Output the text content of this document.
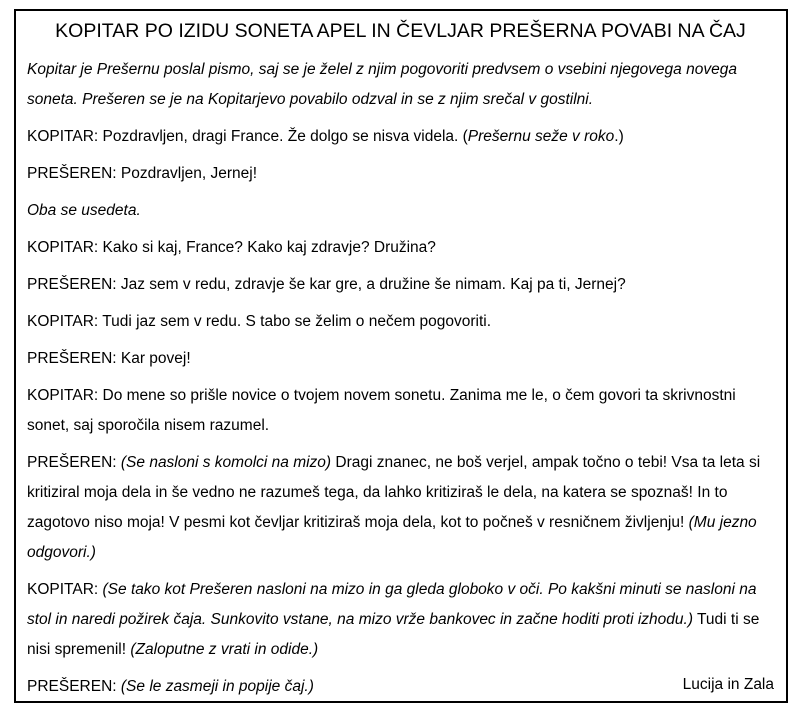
KOPITAR PO IZIDU SONETA APEL IN ČEVLJAR PREŠERNA POVABI NA ČAJ

Kopitar je Prešernu poslal pismo, saj se je želel z njim pogovoriti predvsem o vsebini njegovega novega soneta. Prešeren se je na Kopitarjevo povabilo odzval in se z njim srečal v gostilni.

KOPITAR: Pozdravljen, dragi France. Že dolgo se nisva videla. (Prešernu seže v roko.)

PREŠEREN: Pozdravljen, Jernej!

Oba se usedeta.

KOPITAR: Kako si kaj, France? Kako kaj zdravje? Družina?

PREŠEREN: Jaz sem v redu, zdravje še kar gre, a družine še nimam. Kaj pa ti, Jernej?

KOPITAR: Tudi jaz sem v redu. S tabo se želim o nečem pogovoriti.

PREŠEREN: Kar povej!

KOPITAR: Do mene so prišle novice o tvojem novem sonetu. Zanima me le, o čem govori ta skrivnostni sonet, saj sporočila nisem razumel.

PREŠEREN: (Se nasloni s komolci na mizo) Dragi znanec, ne boš verjel, ampak točno o tebi! Vsa ta leta si kritiziral moja dela in še vedno ne razumeš tega, da lahko kritiziraš le dela, na katera se spoznaš! In to zagotovo niso moja! V pesmi kot čevljar kritiziraš moja dela, kot to počneš v resničnem življenju! (Mu jezno odgovori.)

KOPITAR: (Se tako kot Prešeren nasloni na mizo in ga gleda globoko v oči. Po kakšni minuti se nasloni na stol in naredi požirek čaja. Sunkovito vstane, na mizo vrže bankovec in začne hoditi proti izhodu.) Tudi ti se nisi spremenil! (Zaloputne z vrati in odide.)

PREŠEREN: (Se le zasmeji in popije čaj.)	Lucija in Zala
